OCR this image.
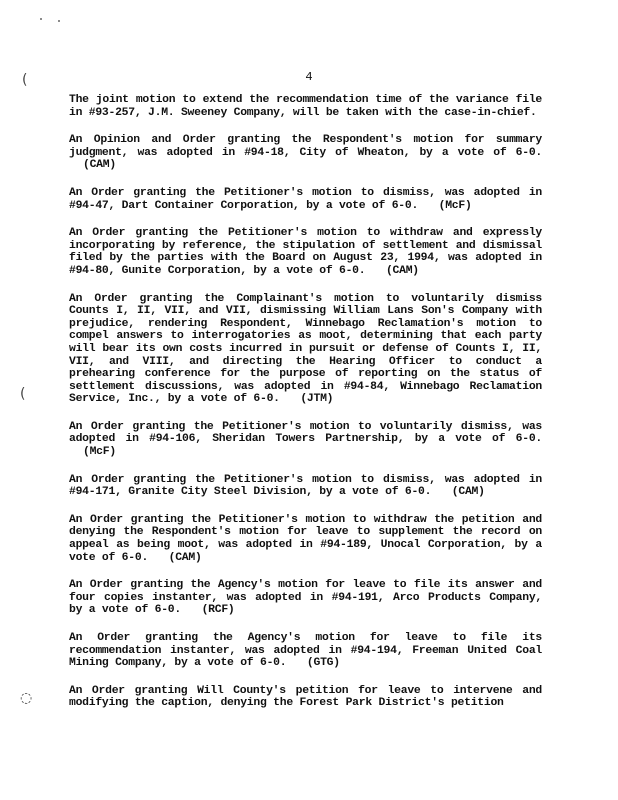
(
(
◌
4

The joint motion to extend the recommendation time of the variance file in #93-257, J.M. Sweeney Company, will be taken with the case-in-chief.

An Opinion and Order granting the Respondent's motion for summary judgment, was adopted in #94-18, City of Wheaton, by a vote of 6-0. (CAM)

An Order granting the Petitioner's motion to dismiss, was adopted in #94-47, Dart Container Corporation, by a vote of 6-0. (McF)

An Order granting the Petitioner's motion to withdraw and expressly incorporating by reference, the stipulation of settlement and dismissal filed by the parties with the Board on August 23, 1994, was adopted in #94-80, Gunite Corporation, by a vote of 6-0. (CAM)

An Order granting the Complainant's motion to voluntarily dismiss Counts I, II, VII, and VII, dismissing William Lans Son's Company with prejudice, rendering Respondent, Winnebago Reclamation's motion to compel answers to interrogatories as moot, determining that each party will bear its own costs incurred in pursuit or defense of Counts I, II, VII, and VIII, and directing the Hearing Officer to conduct a prehearing conference for the purpose of reporting on the status of settlement discussions, was adopted in #94-84, Winnebago Reclamation Service, Inc., by a vote of 6-0. (JTM)

An Order granting the Petitioner's motion to voluntarily dismiss, was adopted in #94-106, Sheridan Towers Partnership, by a vote of 6-0. (McF)

An Order granting the Petitioner's motion to dismiss, was adopted in #94-171, Granite City Steel Division, by a vote of 6-0. (CAM)

An Order granting the Petitioner's motion to withdraw the petition and denying the Respondent's motion for leave to supplement the record on appeal as being moot, was adopted in #94-189, Unocal Corporation, by a vote of 6-0. (CAM)

An Order granting the Agency's motion for leave to file its answer and four copies instanter, was adopted in #94-191, Arco Products Company, by a vote of 6-0. (RCF)

An Order granting the Agency's motion for leave to file its recommendation instanter, was adopted in #94-194, Freeman United Coal Mining Company, by a vote of 6-0. (GTG)

An Order granting Will County's petition for leave to intervene and modifying the caption, denying the Forest Park District's petition
